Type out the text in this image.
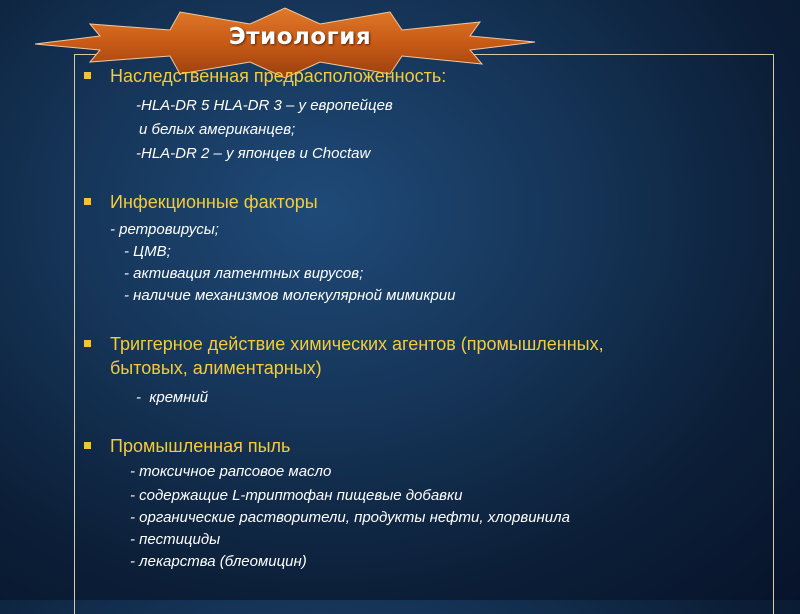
Этиология
Наследственная предрасположенность:
-HLA-DR 5 HLA-DR 3 – у европейцев
и белых американцев;
-HLA-DR 2 – у японцев и Choctaw
Инфекционные факторы
- ретровирусы;
- ЦМВ;
- активация латентных вирусов;
- наличие механизмов молекулярной мимикрии
Триггерное действие химических агентов (промышленных,
бытовых, алиментарных)
-  кремний
Промышленная пыль
- токсичное рапсовое масло
- содержащие L-триптофан пищевые добавки
- органические растворители, продукты нефти, хлорвинила
- пестициды
- лекарства (блеомицин)
